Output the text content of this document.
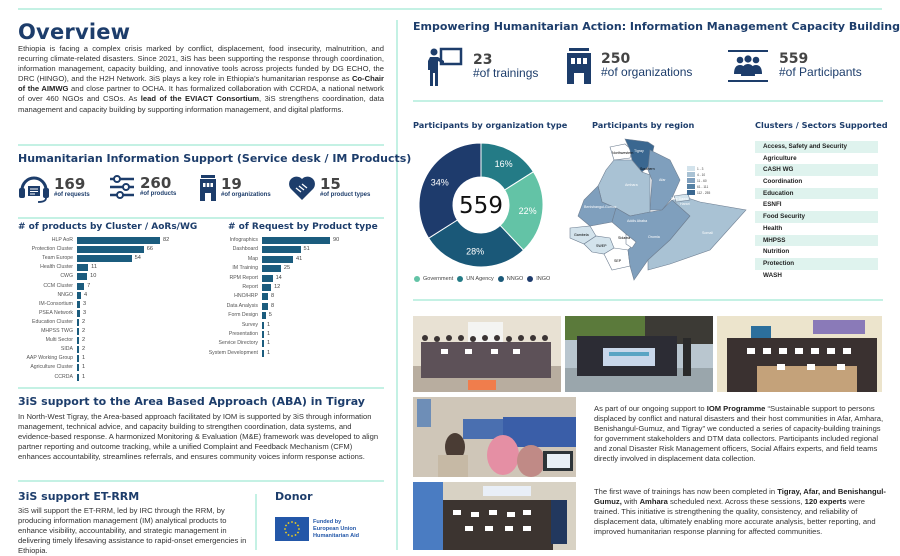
Overview

Ethiopia is facing a complex crisis marked by conflict, displacement, food insecurity, malnutrition, and recurring climate-related disasters. Since 2021, 3iS has been supporting the response through coordination, information management, capacity building, and innovative tools across projects funded by DG ECHO, the DRC (HINGO), and the H2H Network. 3iS plays a key role in Ethiopia’s humanitarian response as Co-Chair of the AIMWG and close partner to OCHA. It has formalized collaboration with CCRDA, a national network of over 460 NGOs and CSOs. As lead of the EVIACT Consortium, 3iS strengthens coordination, data management and capacity building by supporting information management, and digital platforms.

Humanitarian Information Support (Service desk / IM Products)
169
#of requests
260
#of products
19
#of organizations
15
#of product types
# of products by Cluster / AoRs/WG
HLP AoR	82
Protection Cluster	66
Team Europe	54
Health Cluster	11
CWG	10
CCM Cluster	7
NNGO 4
IM-Consortium 3
PSEA Network 3
Education Cluster 2
MHPSS TWG 2
Multi Sector 2
SIDA 2
AAP Working Group 1
Agriculture Cluster 1
CCRDA 1
# of Request by Product type
Infographics	90
Dashboard	51
Map	41
IM Training	25
RPM Report	14
Report	12
HNO/HRP 8
Data Analysis 8
Form Design 5
Survey 1
Presentation 1
Service Directory 1
System Development 1
3iS support to the Area Based Approach (ABA) in Tigray

In North-West Tigray, the Area-based approach facilitated by IOM is supported by 3iS through information management, technical advice, and capacity building to strengthen coordination, data systems, and evidence-based response. A harmonized Monitoring & Evaluation (M&E) framework was developed to align partner reporting and outcome tracking, while a unified Complaint and Feedback Mechanism (CFM) enhances accountability, streamlines referrals, and ensures community voices inform response actions.

3iS support ET-RRM

3iS will support the ET-RRM, led by IRC through the RRM, by producing information management (IM) analytical products to enhance visibility, accountability, and strategic management in delivering timely lifesaving assistance to rapid-onset emergencies in Ethiopia.

Donor
Funded by
European Union
Humanitarian Aid
Empowering Humanitarian Action: Information Management Capacity Building
23
#of trainings
250
#of organizations
559
#of Participants
Participants by organization type
16%
22%
28%
34%
559
Government UN Agency NNGO INGO
Participants by region
Tigray
Northwestern
Southern
Amhara
Afar
Benishangul-Gumuz
Addis Ababa
Dire Dawa
Harari
Gambela
Sidama
SWEP
Oromia
Somali
SEP
1 - 3
4 - 10
11 - 60
61 - 111
112 - 255
Clusters / Sectors Supported
Access, Safety and Security
Agriculture
CASH WG
Coordination
Education
ESNFI
Food Security
Health
MHPSS
Nutrition
Protection
WASH

As part of our ongoing support to IOM Programme “Sustainable support to persons displaced by conflict and natural disasters and their host communities in Afar, Amhara, Benishangul-Gumuz, and Tigray” we conducted a series of capacity-building trainings for government stakeholders and DTM data collectors. Participants included regional and zonal Disaster Risk Management officers, Social Affairs experts, and field teams directly involved in displacement data collection.

The first wave of trainings has now been completed in Tigray, Afar, and Benishangul-Gumuz, with Amhara scheduled next. Across these sessions, 120 experts were trained. This initiative is strengthening the quality, consistency, and reliability of displacement data, ultimately enabling more accurate analysis, better reporting, and improved humanitarian response planning for affected communities.
